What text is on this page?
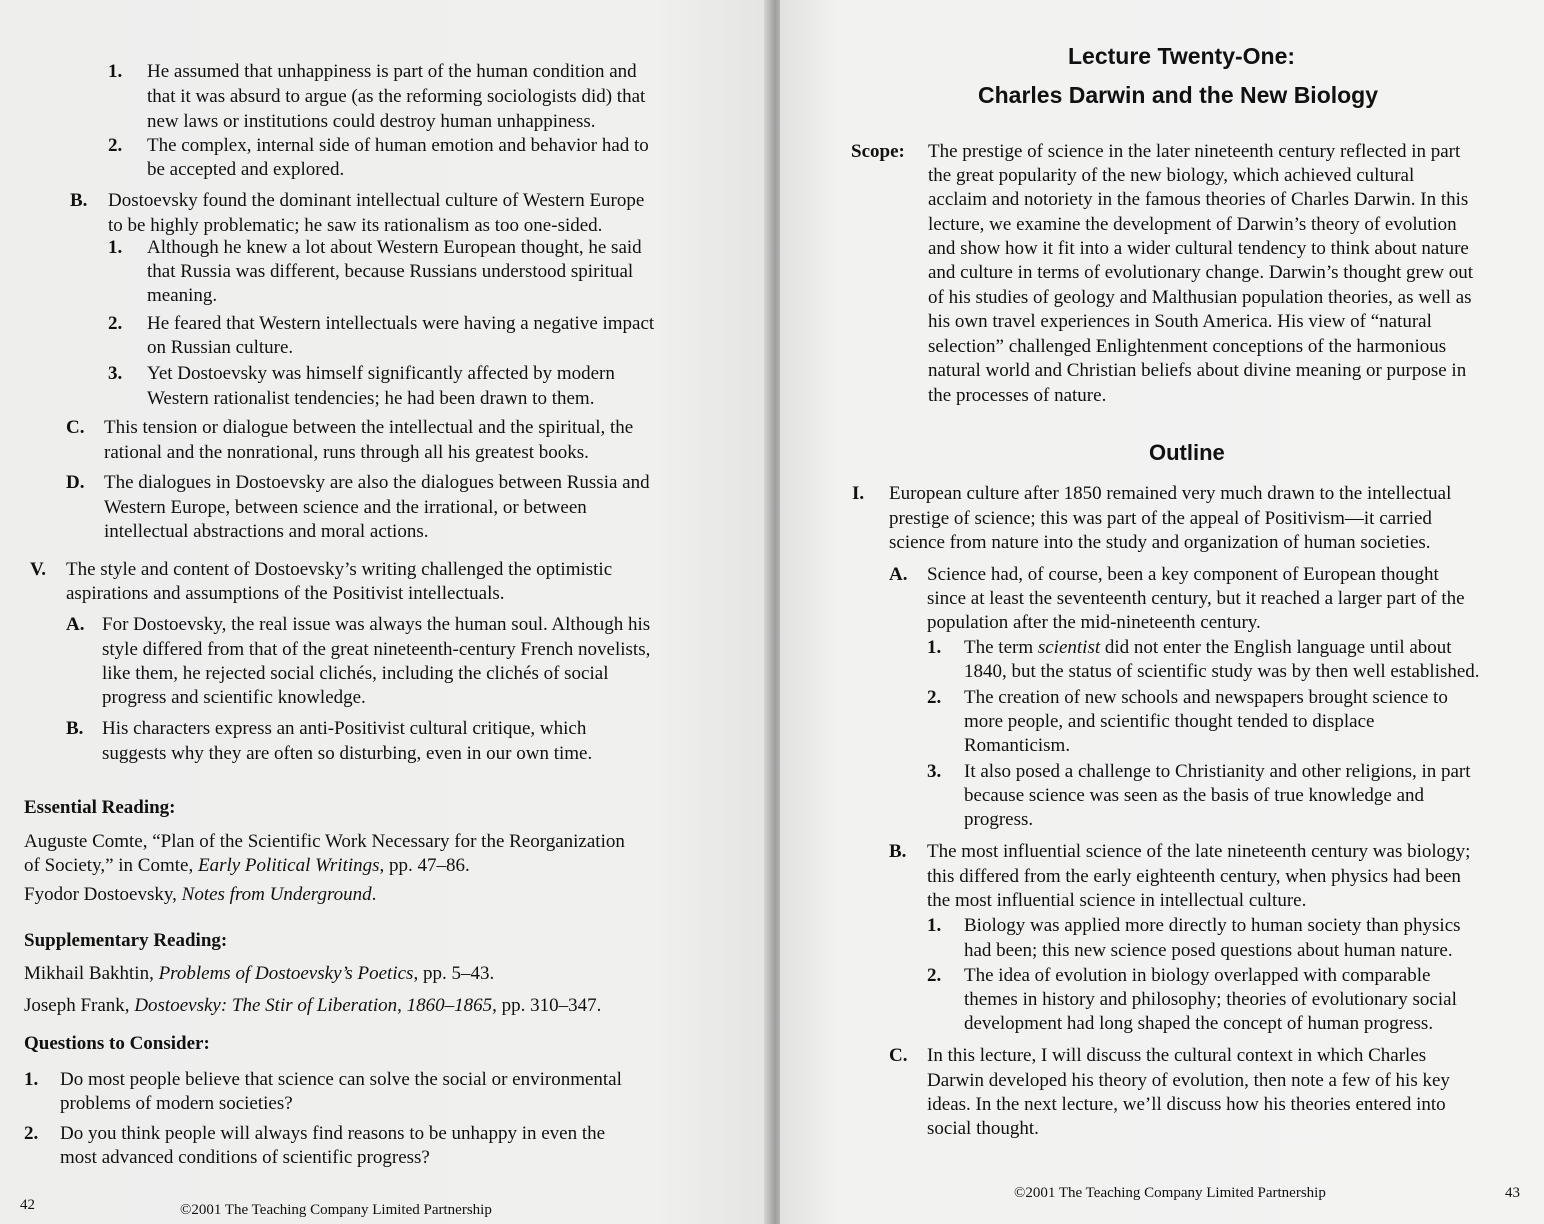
1. He assumed that unhappiness is part of the human condition and
that it was absurd to argue (as the reforming sociologists did) that
new laws or institutions could destroy human unhappiness.
2. The complex, internal side of human emotion and behavior had to
be accepted and explored.
B. Dostoevsky found the dominant intellectual culture of Western Europe
to be highly problematic; he saw its rationalism as too one-sided.
1. Although he knew a lot about Western European thought, he said
that Russia was different, because Russians understood spiritual
meaning.
2. He feared that Western intellectuals were having a negative impact
on Russian culture.
3. Yet Dostoevsky was himself significantly affected by modern
Western rationalist tendencies; he had been drawn to them.
C. This tension or dialogue between the intellectual and the spiritual, the
rational and the nonrational, runs through all his greatest books.
D. The dialogues in Dostoevsky are also the dialogues between Russia and
Western Europe, between science and the irrational, or between
intellectual abstractions and moral actions.
V. The style and content of Dostoevsky’s writing challenged the optimistic
aspirations and assumptions of the Positivist intellectuals.
A. For Dostoevsky, the real issue was always the human soul. Although his
style differed from that of the great nineteenth-century French novelists,
like them, he rejected social clichés, including the clichés of social
progress and scientific knowledge.
B. His characters express an anti-Positivist cultural critique, which
suggests why they are often so disturbing, even in our own time.
Essential Reading:
Auguste Comte, “Plan of the Scientific Work Necessary for the Reorganization
of Society,” in Comte, Early Political Writings, pp. 47–86.
Fyodor Dostoevsky, Notes from Underground.
Supplementary Reading:
Mikhail Bakhtin, Problems of Dostoevsky’s Poetics, pp. 5–43.
Joseph Frank, Dostoevsky: The Stir of Liberation, 1860–1865, pp. 310–347.
Questions to Consider:
1. Do most people believe that science can solve the social or environmental
problems of modern societies?
2. Do you think people will always find reasons to be unhappy in even the
most advanced conditions of scientific progress?
42	©2001 The Teaching Company Limited Partnership
Lecture Twenty-One:
Charles Darwin and the New Biology
Scope: The prestige of science in the later nineteenth century reflected in part
the great popularity of the new biology, which achieved cultural
acclaim and notoriety in the famous theories of Charles Darwin. In this
lecture, we examine the development of Darwin’s theory of evolution
and show how it fit into a wider cultural tendency to think about nature
and culture in terms of evolutionary change. Darwin’s thought grew out
of his studies of geology and Malthusian population theories, as well as
his own travel experiences in South America. His view of “natural
selection” challenged Enlightenment conceptions of the harmonious
natural world and Christian beliefs about divine meaning or purpose in
the processes of nature.
Outline
I. European culture after 1850 remained very much drawn to the intellectual
prestige of science; this was part of the appeal of Positivism—it carried
science from nature into the study and organization of human societies.
A. Science had, of course, been a key component of European thought
since at least the seventeenth century, but it reached a larger part of the
population after the mid-nineteenth century.
1. The term scientist did not enter the English language until about
1840, but the status of scientific study was by then well established.
2. The creation of new schools and newspapers brought science to
more people, and scientific thought tended to displace
Romanticism.
3. It also posed a challenge to Christianity and other religions, in part
because science was seen as the basis of true knowledge and
progress.
B. The most influential science of the late nineteenth century was biology;
this differed from the early eighteenth century, when physics had been
the most influential science in intellectual culture.
1. Biology was applied more directly to human society than physics
had been; this new science posed questions about human nature.
2. The idea of evolution in biology overlapped with comparable
themes in history and philosophy; theories of evolutionary social
development had long shaped the concept of human progress.
C. In this lecture, I will discuss the cultural context in which Charles
Darwin developed his theory of evolution, then note a few of his key
ideas. In the next lecture, we’ll discuss how his theories entered into
social thought.
©2001 The Teaching Company Limited Partnership	43
